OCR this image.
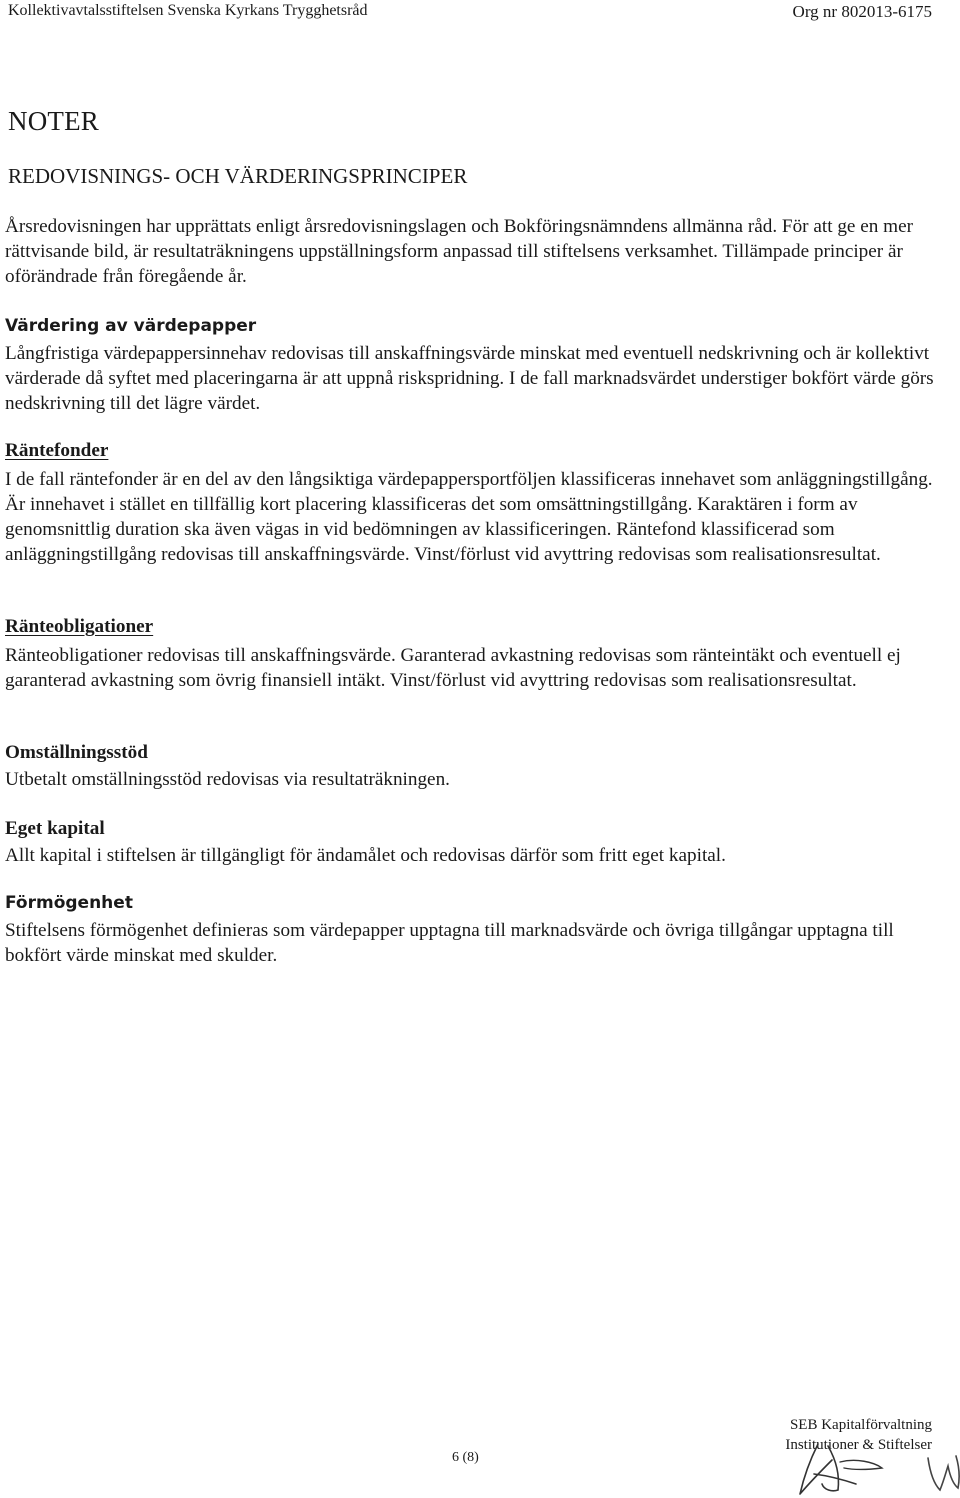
Kollektivavtalsstiftelsen Svenska Kyrkans Trygghetsråd	Org nr 802013-6175
NOTER
REDOVISNINGS- OCH VÄRDERINGSPRINCIPER

Årsredovisningen har upprättats enligt årsredovisningslagen och Bokföringsnämndens allmänna råd. För att ge en mer rättvisande bild, är resultaträkningens uppställningsform anpassad till stiftelsens verksamhet. Tillämpade principer är oförändrade från föregående år.

Värdering av värdepapper

Långfristiga värdepappersinnehav redovisas till anskaffningsvärde minskat med eventuell nedskrivning och är kollektivt värderade då syftet med placeringarna är att uppnå riskspridning. I de fall marknadsvärdet understiger bokfört värde görs nedskrivning till det lägre värdet.

Räntefonder

I de fall räntefonder är en del av den långsiktiga värdepappersportföljen klassificeras innehavet som anläggningstillgång. Är innehavet i stället en tillfällig kort placering klassificeras det som omsättningstillgång. Karaktären i form av genomsnittlig duration ska även vägas in vid bedömningen av klassificeringen. Räntefond klassificerad som anläggningstillgång redovisas till anskaffningsvärde. Vinst/förlust vid avyttring redovisas som realisationsresultat.

Ränteobligationer

Ränteobligationer redovisas till anskaffningsvärde. Garanterad avkastning redovisas som ränteintäkt och eventuell ej garanterad avkastning som övrig finansiell intäkt. Vinst/förlust vid avyttring redovisas som realisationsresultat.

Omställningsstöd

Utbetalt omställningsstöd redovisas via resultaträkningen.

Eget kapital

Allt kapital i stiftelsen är tillgängligt för ändamålet och redovisas därför som fritt eget kapital.

Förmögenhet

Stiftelsens förmögenhet definieras som värdepapper upptagna till marknadsvärde och övriga tillgångar upptagna till bokfört värde minskat med skulder.

6 (8)
SEB Kapitalförvaltning
Institutioner & Stiftelser
